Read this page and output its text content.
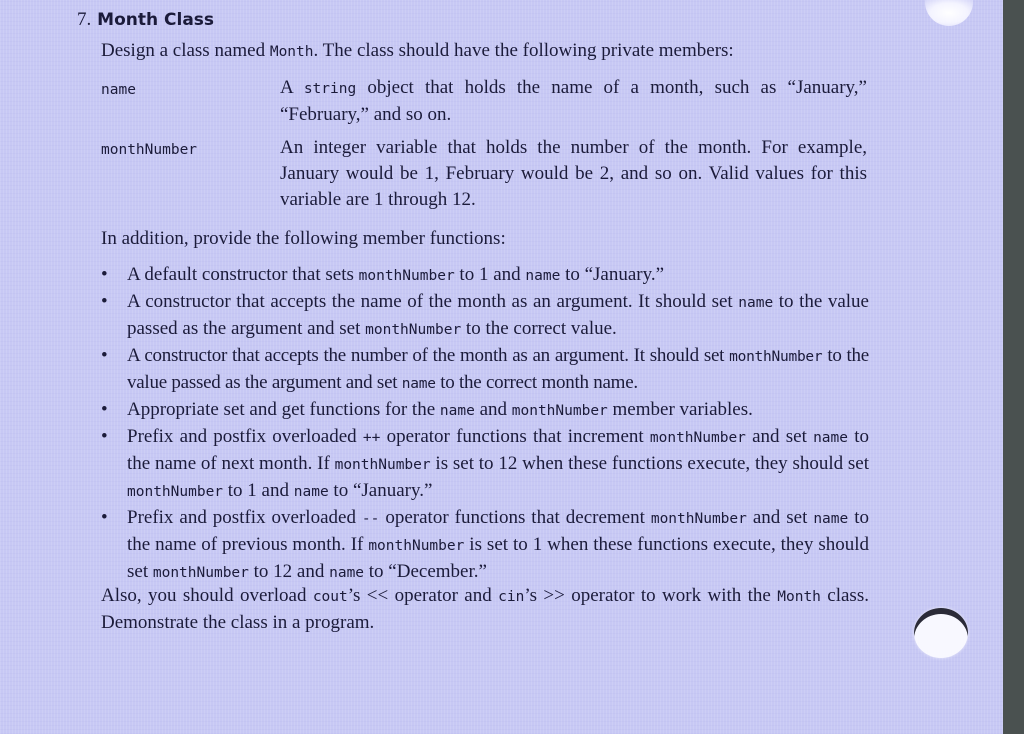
7. Month Class
Design a class named Month. The class should have the following private members:
name	A string object that holds the name of a month, such as “January,” “February,” and so on.
monthNumber	An integer variable that holds the number of the month. For example, January would be 1, February would be 2, and so on. Valid values for this variable are 1 through 12.
In addition, provide the following member functions:
• A default constructor that sets monthNumber to 1 and name to “January.”
• A constructor that accepts the name of the month as an argument. It should set name to the value passed as the argument and set monthNumber to the correct value.
• A constructor that accepts the number of the month as an argument. It should set monthNumber to the value passed as the argument and set name to the correct month name.
• Appropriate set and get functions for the name and monthNumber member variables.
• Prefix and postfix overloaded ++ operator functions that increment monthNumber and set name to the name of next month. If monthNumber is set to 12 when these functions execute, they should set monthNumber to 1 and name to “January.”
• Prefix and postfix overloaded -- operator functions that decrement monthNumber and set name to the name of previous month. If monthNumber is set to 1 when these functions execute, they should set monthNumber to 12 and name to “December.”
Also, you should overload cout’s << operator and cin’s >> operator to work with the Month class. Demonstrate the class in a program.
